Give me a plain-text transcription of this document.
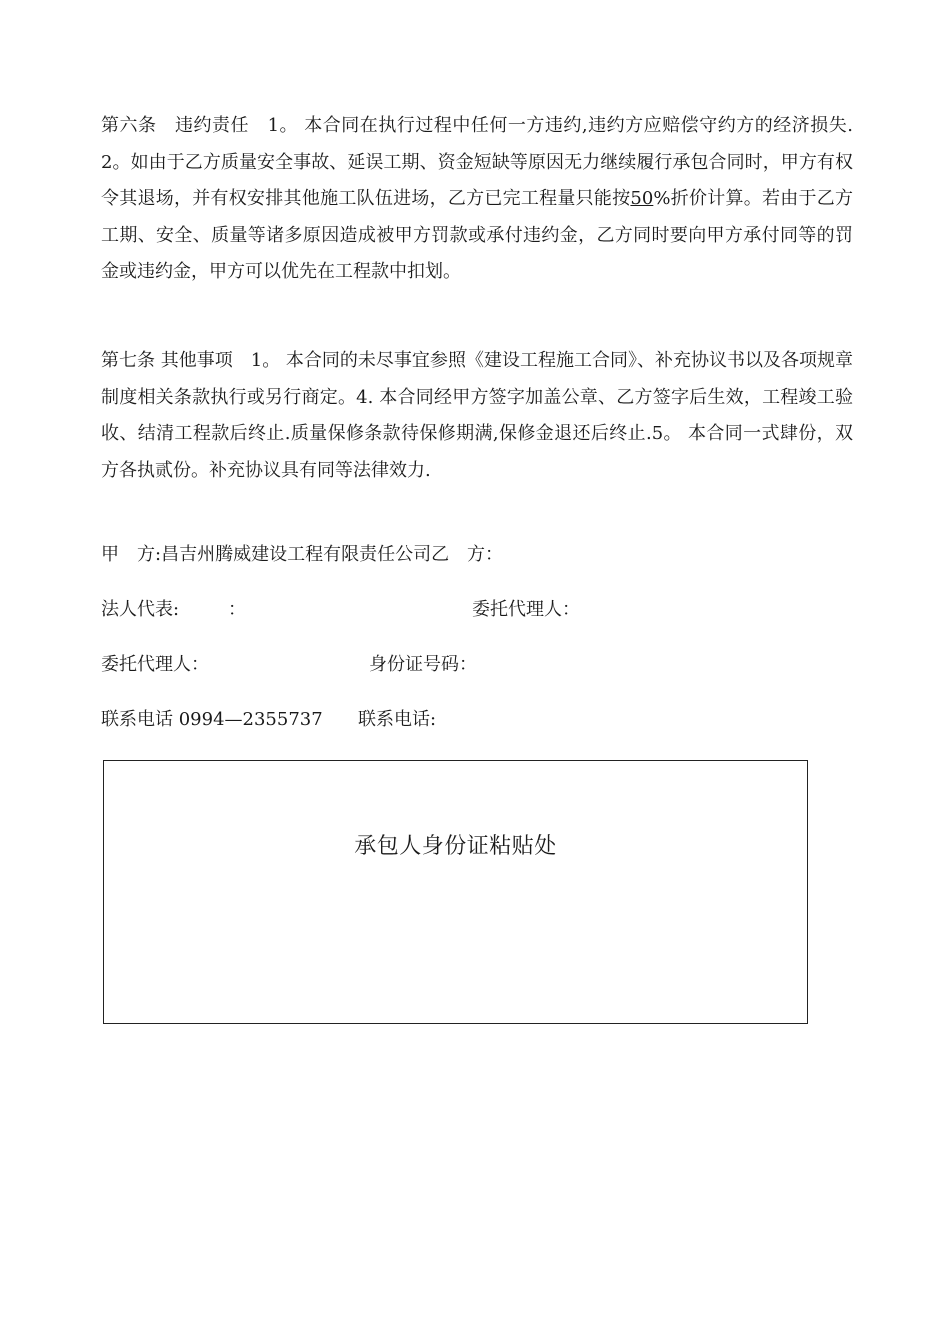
第六条　违约责任　1。 本合同在执行过程中任何一方违约,违约方应赔偿守约方的经济损失.　2。如由于乙方质量安全事故、延误工期、资金短缺等原因无力继续履行承包合同时，甲方有权令其退场，并有权安排其他施工队伍进场，乙方已完工程量只能按50%折价计算。若由于乙方工期、安全、质量等诸多原因造成被甲方罚款或承付违约金，乙方同时要向甲方承付同等的罚金或违约金，甲方可以优先在工程款中扣划。

第七条 其他事项　1。 本合同的未尽事宜参照《建设工程施工合同》、补充协议书以及各项规章制度相关条款执行或另行商定。4. 本合同经甲方签字加盖公章、乙方签字后生效，工程竣工验收、结清工程款后终止.质量保修条款待保修期满,保修金退还后终止.5。 本合同一式肆份，双方各执贰份。补充协议具有同等法律效力.

甲　方:昌吉州腾威建设工程有限责任公司乙　方：

法人代表:	：	委托代理人：

委托代理人：	身份证号码：

联系电话 0994—2355737 联系电话:

承包人身份证粘贴处
